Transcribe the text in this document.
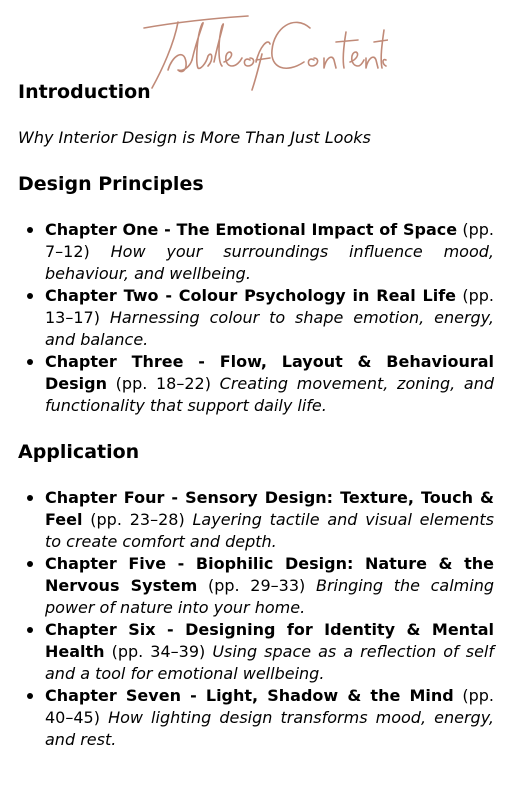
Introduction

Why Interior Design is More Than Just Looks

Design Principles
Chapter One - The Emotional Impact of Space (pp. 7–12) How your surroundings influence mood, behaviour, and wellbeing.
Chapter Two - Colour Psychology in Real Life (pp. 13–17) Harnessing colour to shape emotion, energy, and balance.
Chapter Three - Flow, Layout & Behavioural Design (pp. 18–22) Creating movement, zoning, and functionality that support daily life.
Application
Chapter Four - Sensory Design: Texture, Touch & Feel (pp. 23–28) Layering tactile and visual elements to create comfort and depth.
Chapter Five - Biophilic Design: Nature & the Nervous System (pp. 29–33) Bringing the calming power of nature into your home.
Chapter Six - Designing for Identity & Mental Health (pp. 34–39) Using space as a reflection of self and a tool for emotional wellbeing.
Chapter Seven - Light, Shadow & the Mind (pp. 40–45) How lighting design transforms mood, energy, and rest.
